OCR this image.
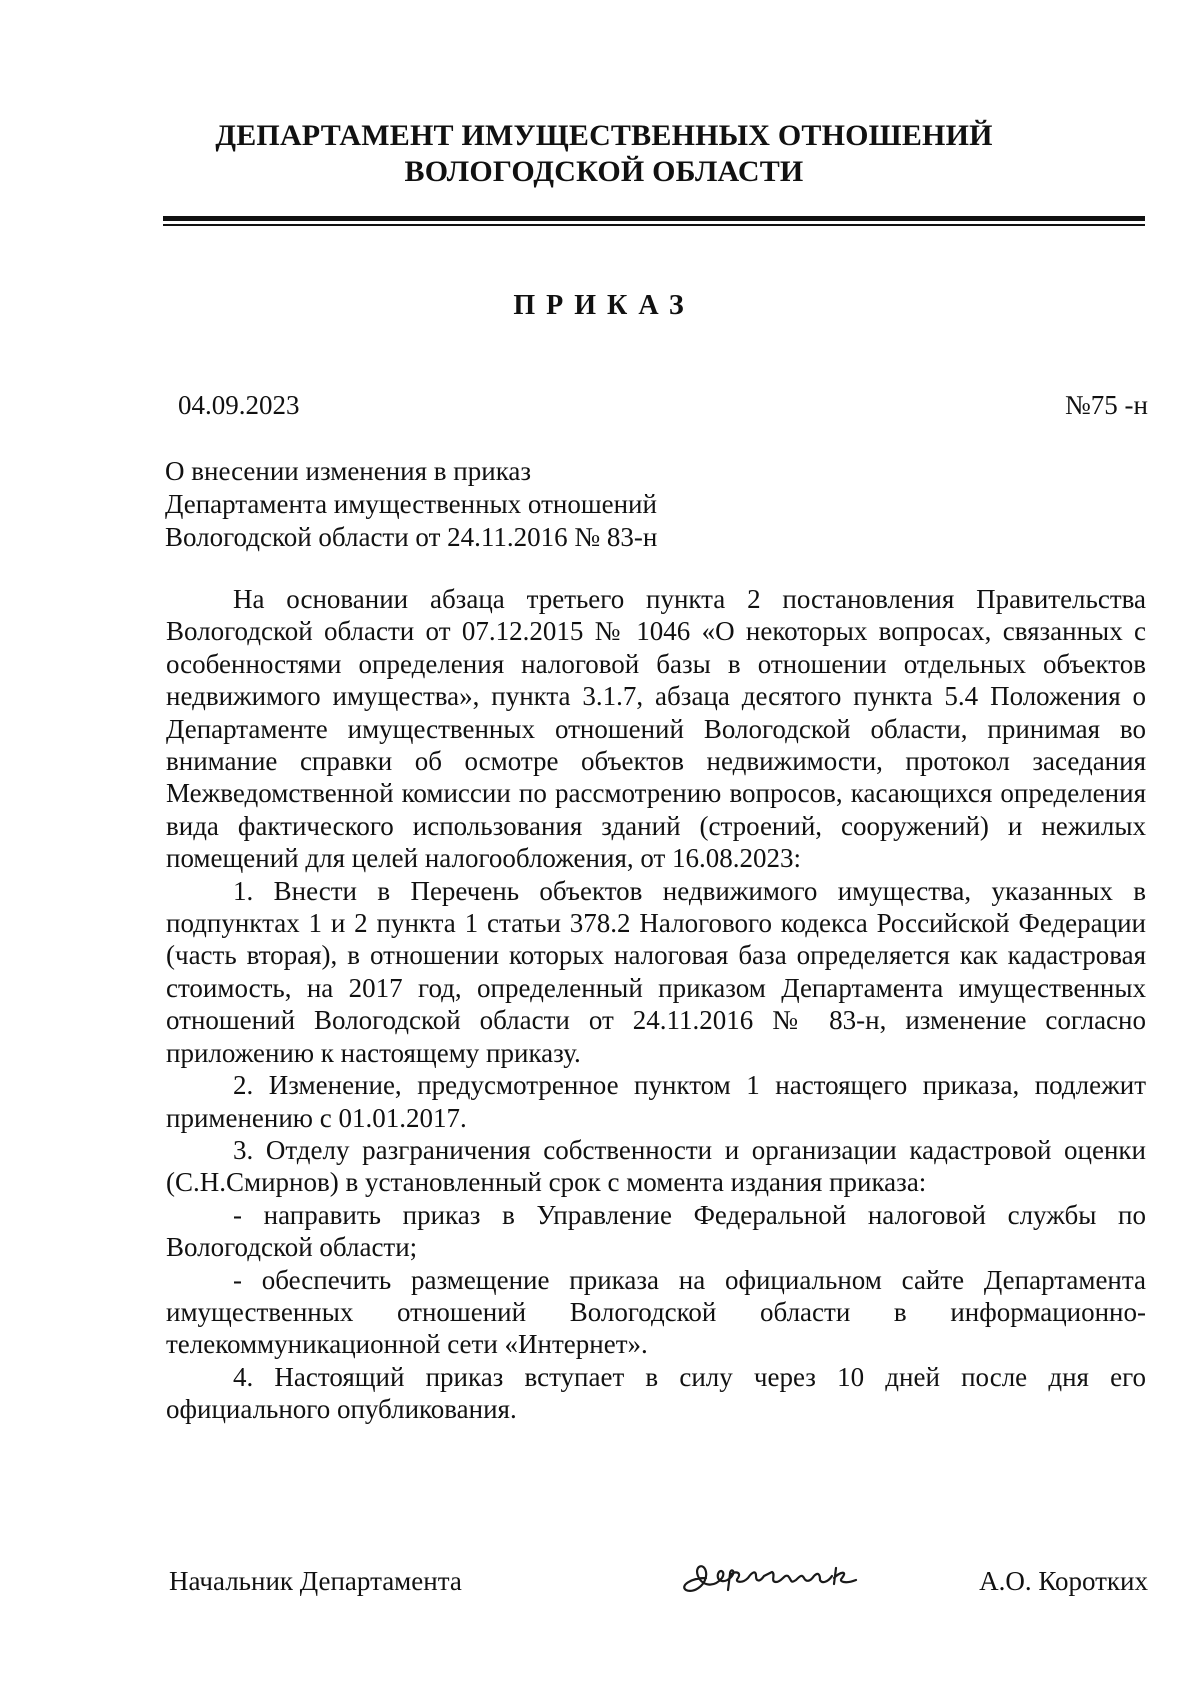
ДЕПАРТАМЕНТ ИМУЩЕСТВЕННЫХ ОТНОШЕНИЙ
ВОЛОГОДСКОЙ ОБЛАСТИ
ПРИКАЗ
04.09.2023	№75 -н
О внесении изменения в приказ
Департамента имущественных отношений
Вологодской области от 24.11.2016 № 83-н

На основании абзаца третьего пункта 2 постановления Правительства Вологодской области от 07.12.2015 № 1046 «О некоторых вопросах, связанных с особенностями определения налоговой базы в отношении отдельных объектов недвижимого имущества», пункта 3.1.7, абзаца десятого пункта 5.4 Положения о Департаменте имущественных отношений Вологодской области, принимая во внимание справки об осмотре объектов недвижимости, протокол заседания Межведомственной комиссии по рассмотрению вопросов, касающихся определения вида фактического использования зданий (строений, сооружений) и нежилых помещений для целей налогообложения, от 16.08.2023:

1. Внести в Перечень объектов недвижимого имущества, указанных в подпунктах 1 и 2 пункта 1 статьи 378.2 Налогового кодекса Российской Федерации (часть вторая), в отношении которых налоговая база определяется как кадастровая стоимость, на 2017 год, определенный приказом Департамента имущественных отношений Вологодской области от 24.11.2016 № 83-н, изменение согласно приложению к настоящему приказу.

2. Изменение, предусмотренное пунктом 1 настоящего приказа, подлежит применению с 01.01.2017.

3. Отделу разграничения собственности и организации кадастровой оценки (С.Н.Смирнов) в установленный срок с момента издания приказа:

- направить приказ в Управление Федеральной налоговой службы по Вологодской области;

- обеспечить размещение приказа на официальном сайте Департамента имущественных отношений Вологодской области в информационно-телекоммуникационной сети «Интернет».

4. Настоящий приказ вступает в силу через 10 дней после дня его официального опубликования.

Начальник Департамента	А.О. Коротких
